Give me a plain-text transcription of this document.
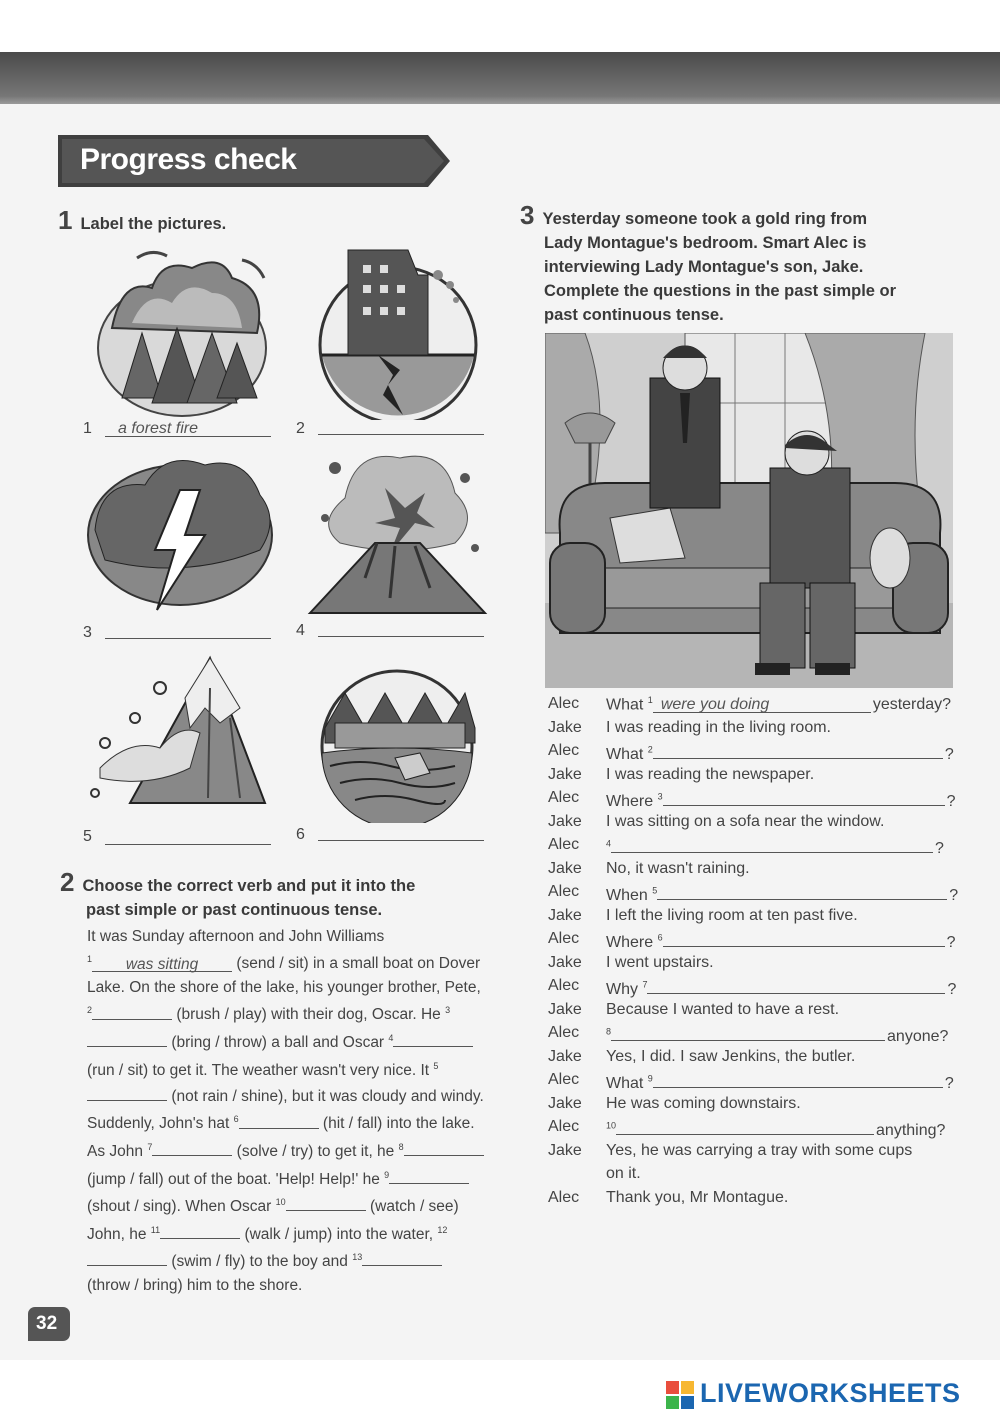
Progress check
1 Label the pictures.
1 a forest fire	2
3	4
5	6
2 Choose the correct verb and put it into the
past simple or past continuous tense.
It was Sunday afternoon and John Williams
$^1$ was sitting (send / sit) in a small boat on Dover Lake. On the shore of the lake, his younger brother, Pete, $^2$	(brush / play) with their dog, Oscar. He $^3$ (bring / throw) a ball and Oscar $^4$ (run / sit) to get it. The weather wasn't very nice. It $^5$ (not rain / shine), but it was cloudy and windy. Suddenly, John's hat $^6$	(hit / fall) into the lake. As John $^7$	(solve / try) to get it, he $^8$ (jump / fall) out of the boat. 'Help! Help!' he $^9$ (shout / sing). When Oscar $^{10}$	(watch / see) John, he $^{11}$	(walk / jump) into the water, $^{12}$ (swim / fly) to the boy and $^{13}$ (throw / bring) him to the shore.
3 Yesterday someone took a gold ring from
Lady Montague's bedroom. Smart Alec is
interviewing Lady Montague's son, Jake.
Complete the questions in the past simple or
past continuous tense.
Alec What $^1$ were you doing	yesterday?
Jake I was reading in the living room.
Alec What $^2$	?
Jake I was reading the newspaper.
Alec Where $^3$	?
Jake I was sitting on a sofa near the window.
Alec	$^4$	?
Jake No, it wasn't raining.
Alec When $^5$	?
Jake I left the living room at ten past five.
Alec Where $^6$	?
Jake I went upstairs.
Alec Why $^7$	?
Jake Because I wanted to have a rest.
Alec	$^8$	anyone?
Jake Yes, I did. I saw Jenkins, the butler.
Alec What $^9$	?
Jake He was coming downstairs.
Alec	$^{10}$	anything?
Jake Yes, he was carrying a tray with some cups
on it.
Alec Thank you, Mr Montague.
32
LIVEWORKSHEETS
